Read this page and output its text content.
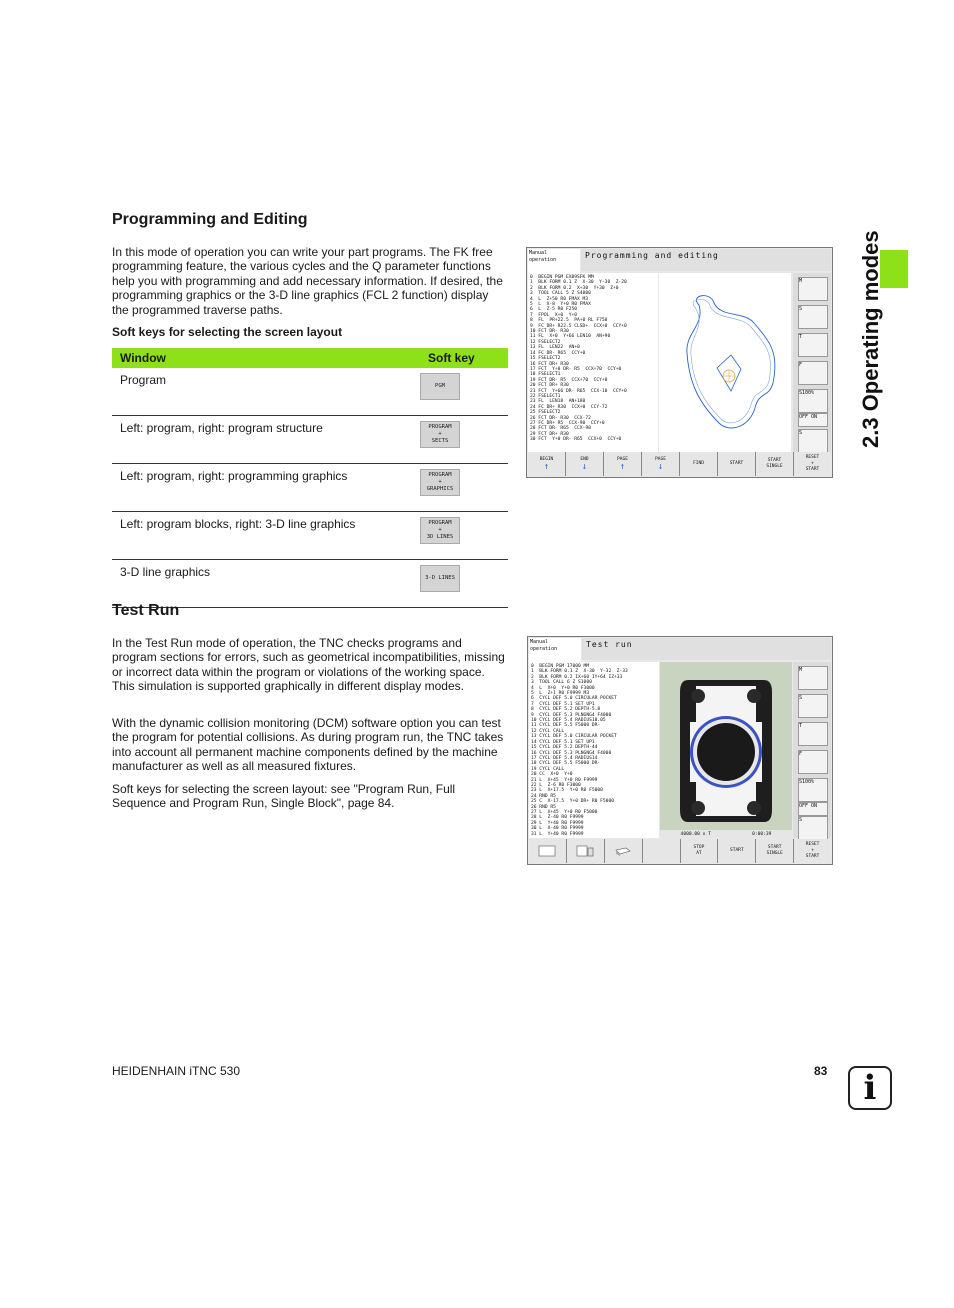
Programming and Editing

In this mode of operation you can write your part programs. The FK free programming feature, the various cycles and the Q parameter functions help you with programming and add necessary information. If desired, the programming graphics or the 3-D line graphics (FCL 2 function) display the programmed traverse paths.

Soft keys for selecting the screen layout
Window	Soft key
Program	PGM

Left: program, right: program structure	PROGRAM
+
SECTS

Left: program, right: programming graphics	PROGRAM
+
GRAPHICS

Left: program blocks, right: 3-D line graphics	PROGRAM
+
3D LINES

3-D line graphics	3-D LINES
Test Run

In the Test Run mode of operation, the TNC checks programs and program sections for errors, such as geometrical incompatibilities, missing or incorrect data within the program or violations of the working space. This simulation is supported graphically in different display modes.

With the dynamic collision monitoring (DCM) software option you can test the program for potential collisions. As during program run, the TNC takes into account all permanent machine components defined by the machine manufacturer as well as all measured fixtures.

Soft keys for selecting the screen layout: see "Program Run, Full Sequence and Program Run, Single Block", page 84.

2.3 Operating modes
Manual
operation	Programming and editing
0  BEGIN PGM EX09SFK MM
1  BLK FORM 0.1 Z  X-30  Y-30  Z-20
2  BLK FORM 0.2  X+30  Y+30  Z+0
3  TOOL CALL 5 Z S4000
4  L  Z+50 R0 FMAX M3
5  L  X-8  Y+0 R0 FMAX
6  L  Z-5 R0 F250
7  FPOL  X+0  Y+0
8  FL  PR+22.5  PA+0 RL F750
9  FC DR+ R22.5 CLSD+  CCX+0  CCY+0
10 FCT DR- R30
11 FL  X+0  Y+66 LEN10  AN+90
12 FSELECT2
13 FL  LEN22  AN+0
14 FC DR- R65  CCY+0
15 FSELECT2
16 FCT DR+ R30
17 FCT  Y+0 DR- R5  CCX+70  CCY+0
18 FSELECT1
19 FCT DR- R5  CCX+70  CCY+0
20 FCT DR+ R30
21 FCT  Y+66 DR- R65  CCX-10  CCY+0
22 FSELECT1
23 FL  LEN18  AN+180
24 FC DR+ R30  CCX+0  CCY-72
25 FSELECT2
26 FCT DR- R30  CCX-72
27 FC DR+ R5  CCX-90  CCY+0
28 FCT DR- R65  CCX-90
29 FCT DR+ R30
30 FCT  Y+0 DR- R65  CCX+0  CCY+0
M
S
T
F
S100%
OFF ON
S
BEGIN
↑
END
↓
PAGE
↑
PAGE
↓	FIND	START
START
SINGLE
RESET
+
START
Manual
operation	Test run
0  BEGIN PGM 17000 MM
1  BLK FORM 0.1 Z  X-30  Y-32  Z-33
2  BLK FORM 0.2 IX+60 IY+64 IZ+33
3  TOOL CALL 6 Z S1000
4  L  X+0  Y+0 R0 F3000
5  L  Z+1 R0 F9999 M3
6  CYCL DEF 5.0 CIRCULAR POCKET
7  CYCL DEF 5.1 SET UP1
8  CYCL DEF 5.2 DEPTH-5.8
9  CYCL DEF 5.3 PLNGNG4 F4000
10 CYCL DEF 5.4 RADIUS18.05
11 CYCL DEF 5.5 F5000 DR-
12 CYCL CALL
13 CYCL DEF 5.0 CIRCULAR POCKET
14 CYCL DEF 5.1 SET UP1
15 CYCL DEF 5.2 DEPTH-44
16 CYCL DEF 5.3 PLNGNG4 F4000
17 CYCL DEF 5.4 RADIUS14
18 CYCL DEF 5.5 F5000 DR-
19 CYCL CALL
20 CC  X+0  Y+0
21 L  X+45  Y+0 R0 F9999
22 L  Z-6 R0 F3000
23 L  X+17.5  Y+0 R0 F5000
24 RND R5
25 C  X-17.5  Y+0 DR+ R0 F5000
26 RND R5
27 L  X+45  Y+0 R0 F5000
28 L  Z-40 R0 F9999
29 L  Y+40 R0 F9999
30 L  X-40 R0 F9999
31 L  Y+40 R0 F9999
M
S
T
F
S100%
OFF ON
S
4000.00 x T	0:00:39
STOP
AT
START
START
SINGLE
RESET
+
START
HEIDENHAIN iTNC 530	83	i
